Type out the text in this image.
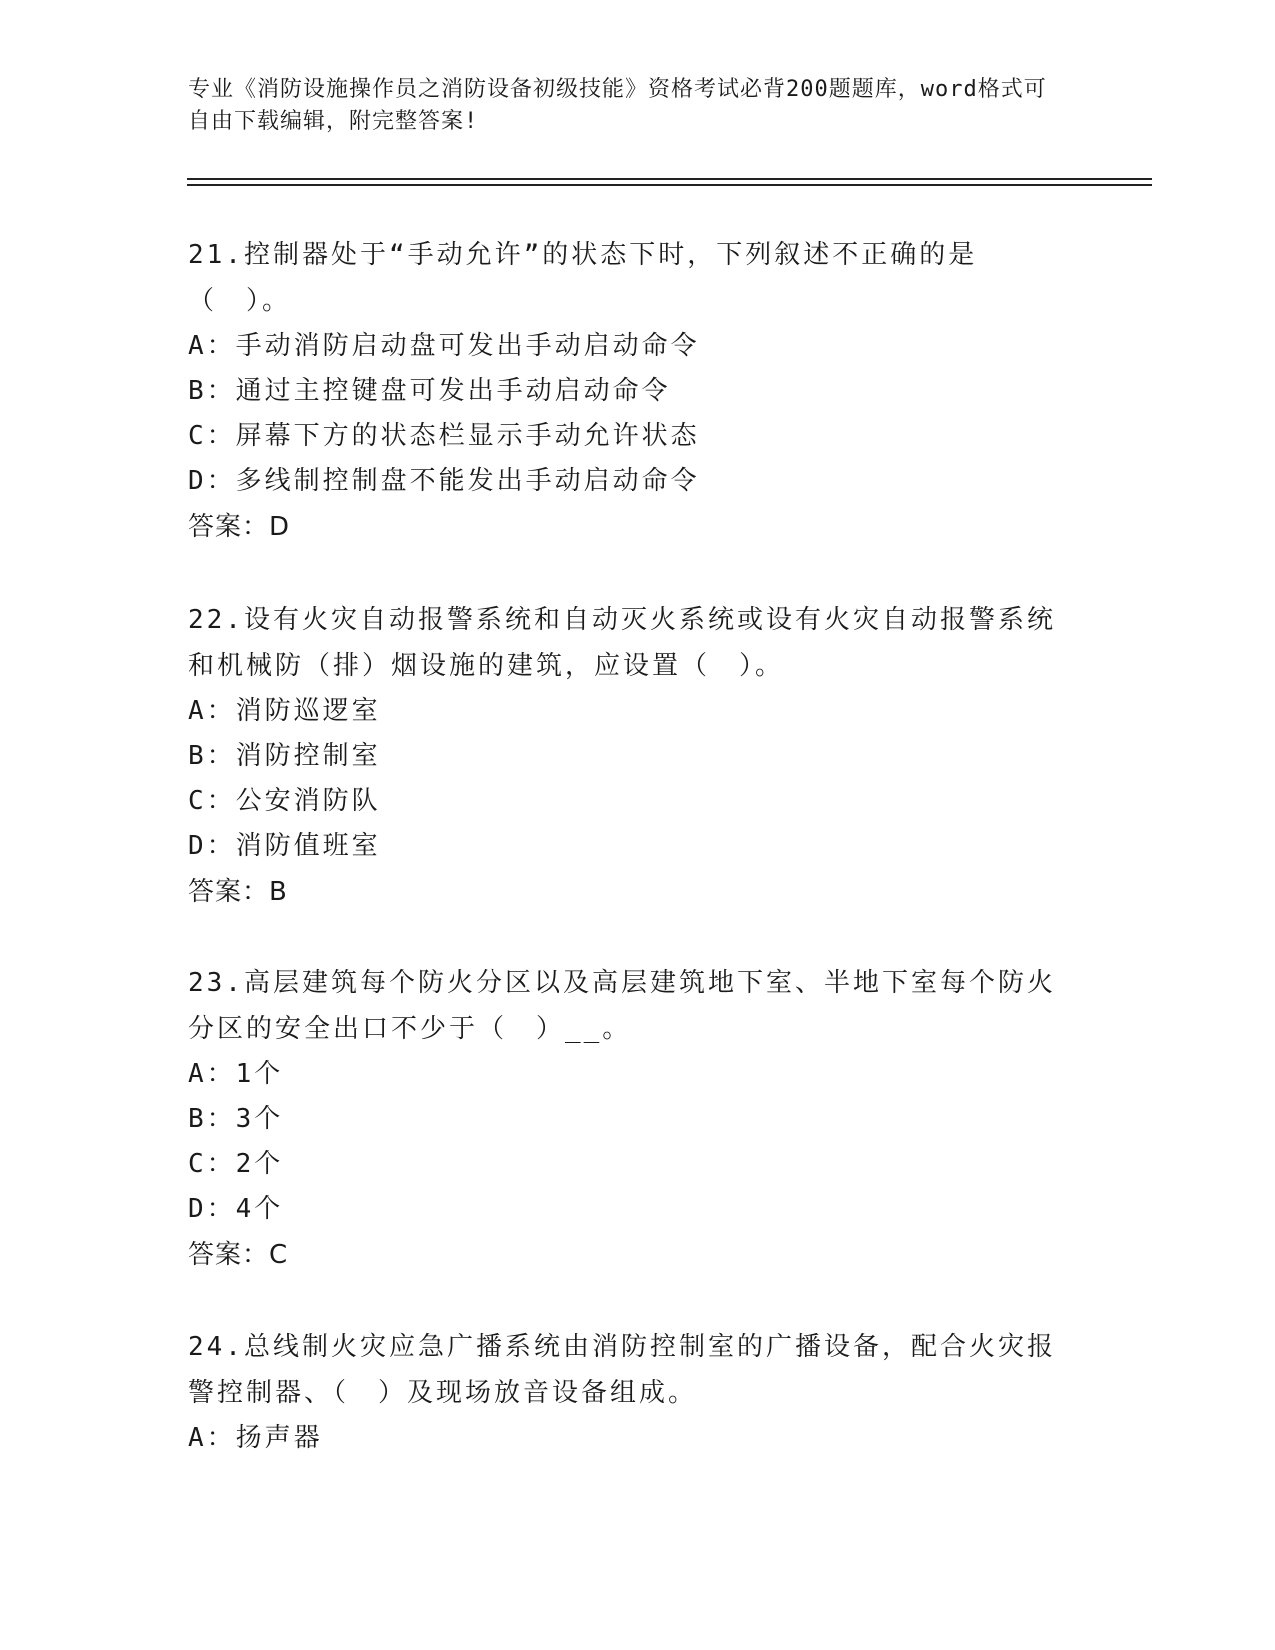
专业《消防设施操作员之消防设备初级技能》资格考试必背200题题库，word格式可自由下载编辑，附完整答案!

21.控制器处于“手动允许”的状态下时，下列叙述不正确的是（　）。

A：手动消防启动盘可发出手动启动命令

B：通过主控键盘可发出手动启动命令

C：屏幕下方的状态栏显示手动允许状态

D：多线制控制盘不能发出手动启动命令

答案：D

22.设有火灾自动报警系统和自动灭火系统或设有火灾自动报警系统和机械防（排）烟设施的建筑，应设置（　）。

A：消防巡逻室

B：消防控制室

C：公安消防队

D：消防值班室

答案：B

23.高层建筑每个防火分区以及高层建筑地下室、半地下室每个防火分区的安全出口不少于（　）__。

A：1个

B：3个

C：2个

D：4个

答案：C

24.总线制火灾应急广播系统由消防控制室的广播设备，配合火灾报警控制器、（　）及现场放音设备组成。

A：扬声器
